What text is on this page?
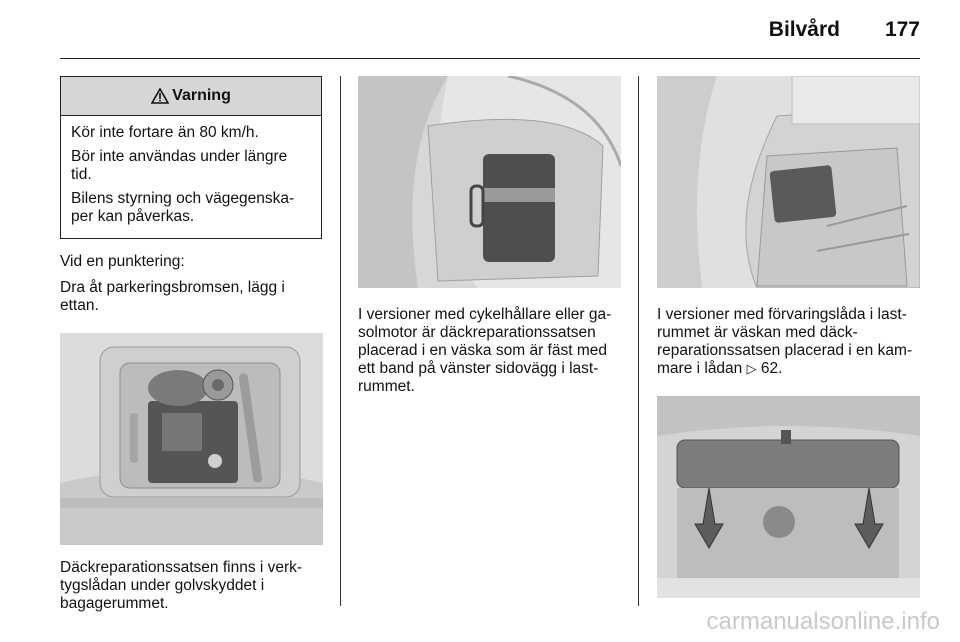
Bilvård 177
Varning

Kör inte fortare än 80 km/h.

Bör inte användas under längre tid.

Bilens styrning och vägegenska-per kan påverkas.

Vid en punktering:

Dra åt parkeringsbromsen, lägg i ettan.

Däckreparationssatsen finns i verk-tygslådan under golvskyddet i bagagerummet.

I versioner med cykelhållare eller ga-solmotor är däckreparationssatsen placerad i en väska som är fäst med ett band på vänster sidovägg i last-rummet.

I versioner med förvaringslåda i last-rummet är väskan med däck-reparationssatsen placerad i en kam-mare i lådan ▷ 62.

carmanualsonline.info
